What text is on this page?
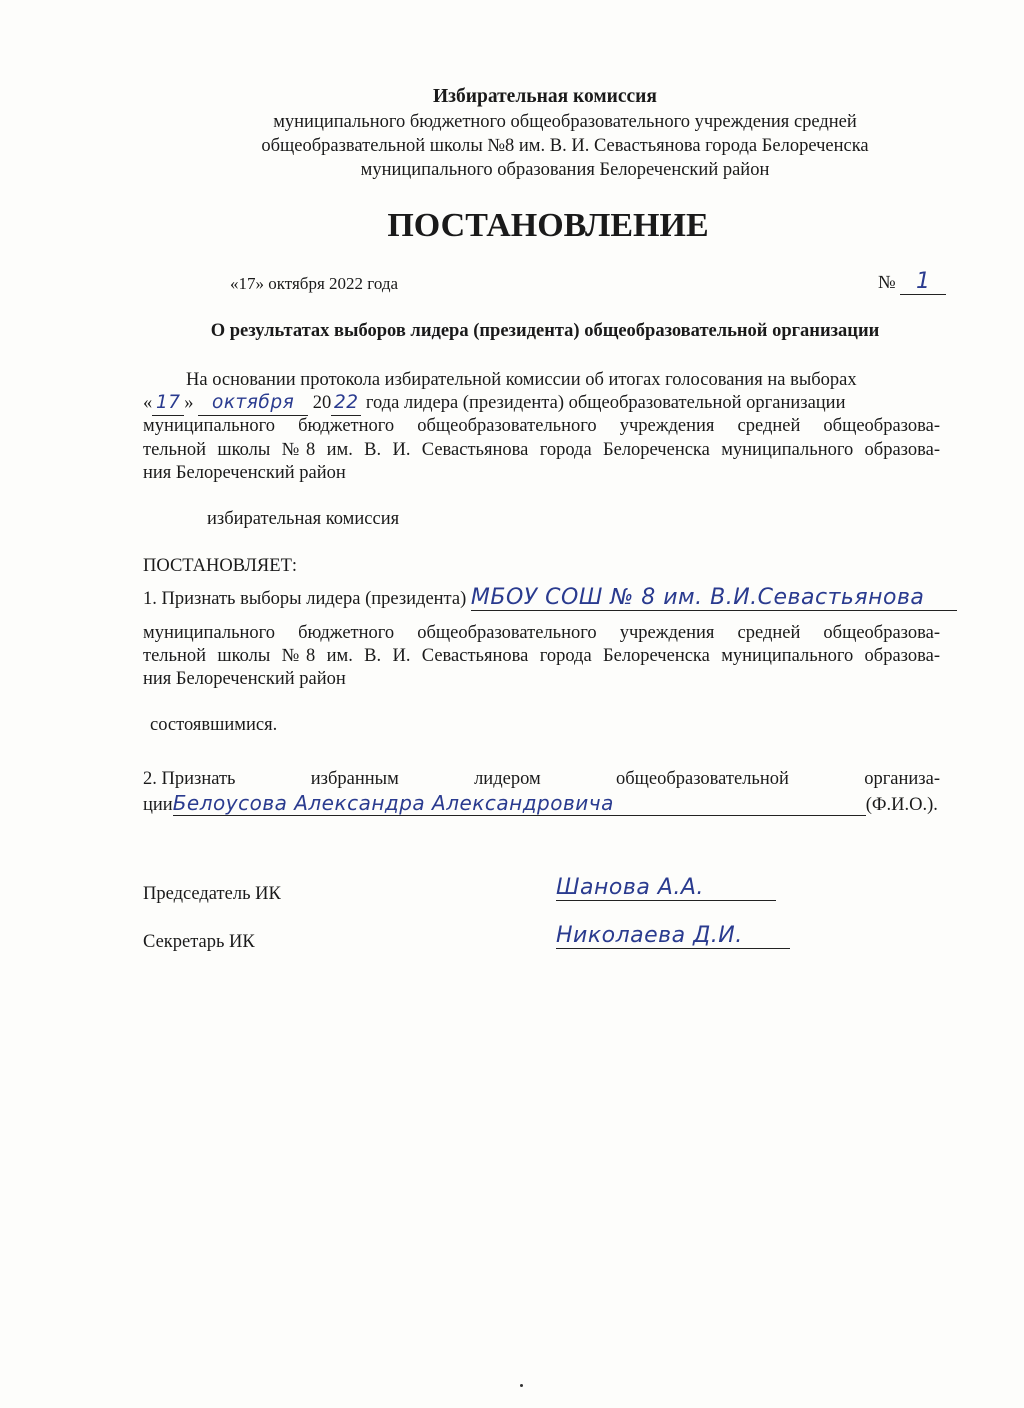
Избирательная комиссия
муниципального бюджетного общеобразовательного учреждения средней
общеобразвательной школы №8 им. В. И. Севастьянова города Белореченска
муниципального образования Белореченский район
ПОСТАНОВЛЕНИЕ
«17» октября 2022 года	№ 1
О результатах выборов лидера (президента) общеобразовательной организации
На основании протокола избирательной комиссии об итогах голосования на выборах
« 17 » октября 20 22 года лидера (президента) общеобразовательной организации
муниципального бюджетного общеобразовательного учреждения средней общеобразова-
тельной школы №8 им. В. И. Севастьянова города Белореченска муниципального образова-
ния Белореченский район
избирательная комиссия
ПОСТАНОВЛЯЕТ:
1. Признать выборы лидера (президента) МБОУ СОШ № 8 им. В.И.Севастьянова
муниципального бюджетного общеобразовательного учреждения средней общеобразова-
тельной школы №8 им. В. И. Севастьянова города Белореченска муниципального образова-
ния Белореченский район
состоявшимися.
2. Признать	избранным	лидером	общеобразовательной	организа-
цииБелоусова Александра Александровича	(Ф.И.О.).
Председатель ИК	Шанова А.А.
Секретарь ИК	Николаева Д.И.
